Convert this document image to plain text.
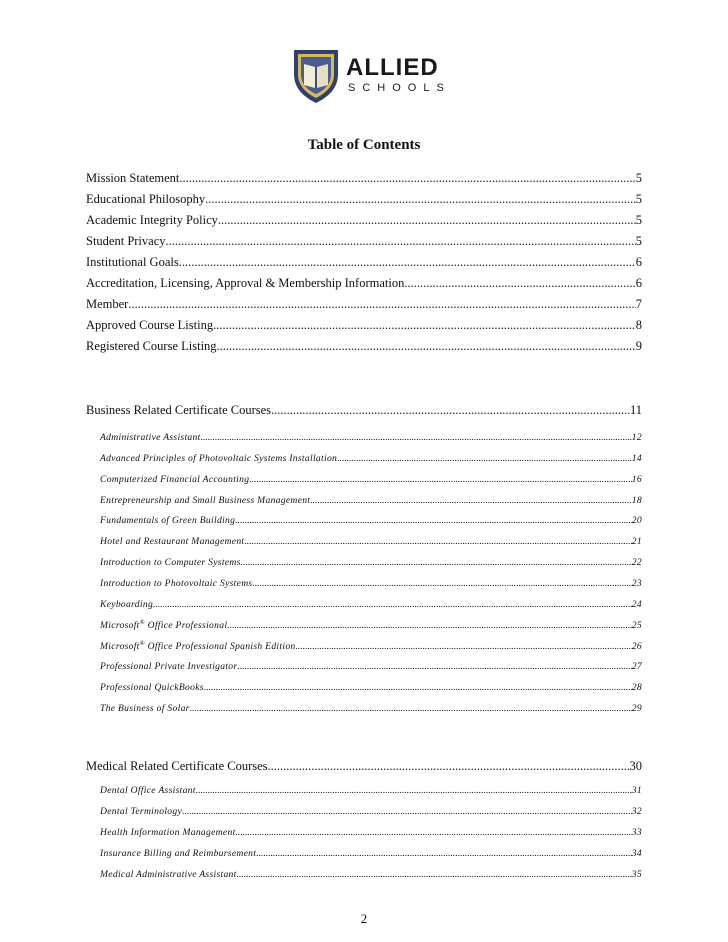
ALLIED
SCHOOLS
Table of Contents
Mission Statement .....	5
Educational Philosophy .....	5
Academic Integrity Policy .....	5
Student Privacy .....	5
Institutional Goals .....	6
Accreditation, Licensing, Approval & Membership Information .....	6
Member .....	7
Approved Course Listing .....	8
Registered Course Listing .....	9
Business Related Certificate Courses .....	11
Administrative Assistant .....	12
Advanced Principles of Photovoltaic Systems Installation .....	14
Computerized Financial Accounting .....	16
Entrepreneurship and Small Business Management .....	18
Fundamentals of Green Building .....	20
Hotel and Restaurant Management .....	21
Introduction to Computer Systems .....	22
Introduction to Photovoltaic Systems .....	23
Keyboarding .....	24
Microsoft® Office Professional .....	25
Microsoft® Office Professional Spanish Edition .....	26
Professional Private Investigator .....	27
Professional QuickBooks .....	28
The Business of Solar .....	29
Medical Related Certificate Courses .....	30
Dental Office Assistant .....	31
Dental Terminology .....	32
Health Information Management .....	33
Insurance Billing and Reimbursement .....	34
Medical Administrative Assistant .....	35
2
